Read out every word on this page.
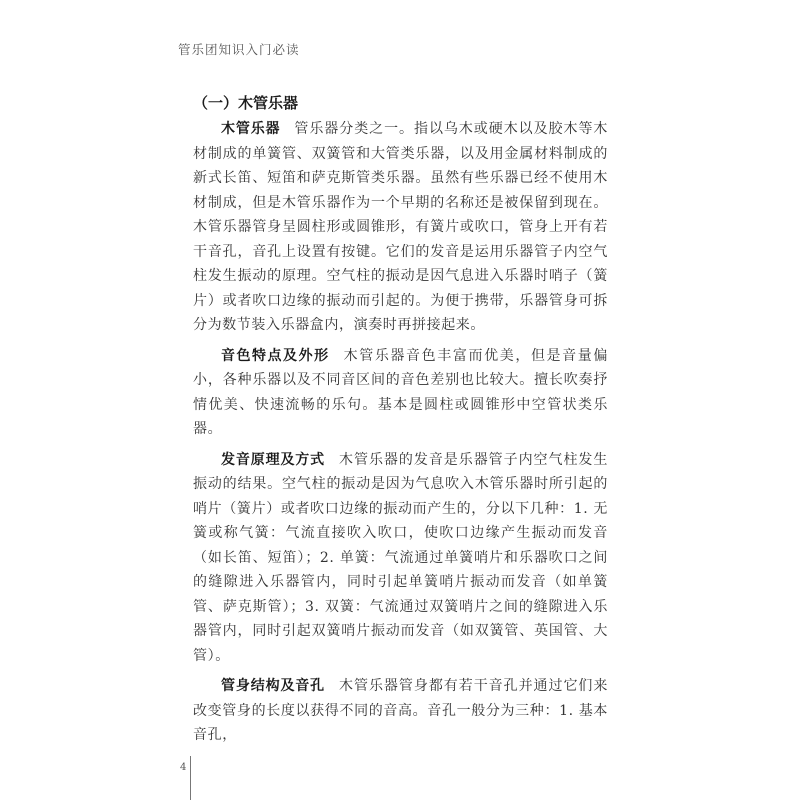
管乐团知识入门必读
（一）木管乐器

木管乐器 管乐器分类之一。指以乌木或硬木以及胶木等木材制成的单簧管、双簧管和大管类乐器，以及用金属材料制成的新式长笛、短笛和萨克斯管类乐器。虽然有些乐器已经不使用木材制成，但是木管乐器作为一个早期的名称还是被保留到现在。木管乐器管身呈圆柱形或圆锥形，有簧片或吹口，管身上开有若干音孔，音孔上设置有按键。它们的发音是运用乐器管子内空气柱发生振动的原理。空气柱的振动是因气息进入乐器时哨子（簧片）或者吹口边缘的振动而引起的。为便于携带，乐器管身可拆分为数节装入乐器盒内，演奏时再拼接起来。

音色特点及外形 木管乐器音色丰富而优美，但是音量偏小，各种乐器以及不同音区间的音色差别也比较大。擅长吹奏抒情优美、快速流畅的乐句。基本是圆柱或圆锥形中空管状类乐器。

发音原理及方式 木管乐器的发音是乐器管子内空气柱发生振动的结果。空气柱的振动是因为气息吹入木管乐器时所引起的哨片（簧片）或者吹口边缘的振动而产生的，分以下几种：1. 无簧或称气簧：气流直接吹入吹口，使吹口边缘产生振动而发音（如长笛、短笛）；2. 单簧：气流通过单簧哨片和乐器吹口之间的缝隙进入乐器管内，同时引起单簧哨片振动而发音（如单簧管、萨克斯管）；3. 双簧：气流通过双簧哨片之间的缝隙进入乐器管内，同时引起双簧哨片振动而发音（如双簧管、英国管、大管）。

管身结构及音孔 木管乐器管身都有若干音孔并通过它们来改变管身的长度以获得不同的音高。音孔一般分为三种：1. 基本音孔，

4
